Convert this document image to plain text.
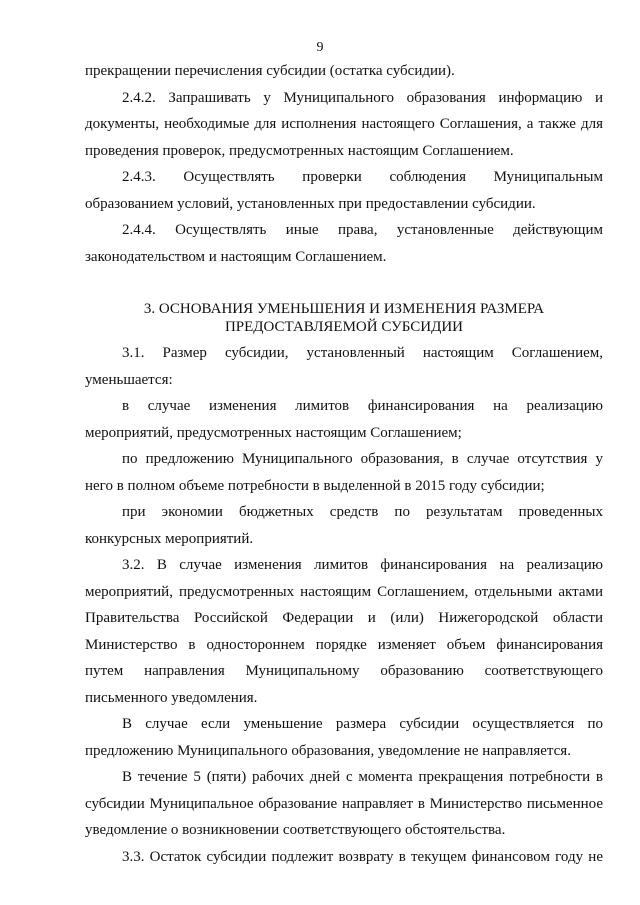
9

прекращении перечисления субсидии (остатка субсидии).

2.4.2. Запрашивать у Муниципального образования информацию и
документы, необходимые для исполнения настоящего Соглашения, а также для
проведения проверок, предусмотренных настоящим Соглашением.

2.4.3. Осуществлять проверки соблюдения Муниципальным
образованием условий, установленных при предоставлении субсидии.

2.4.4. Осуществлять иные права, установленные действующим
законодательством и настоящим Соглашением.

3. ОСНОВАНИЯ УМЕНЬШЕНИЯ И ИЗМЕНЕНИЯ РАЗМЕРА
ПРЕДОСТАВЛЯЕМОЙ СУБСИДИИ

3.1. Размер субсидии, установленный настоящим Соглашением,
уменьшается:

в случае изменения лимитов финансирования на реализацию
мероприятий, предусмотренных настоящим Соглашением;

по предложению Муниципального образования, в случае отсутствия у
него в полном объеме потребности в выделенной в 2015 году субсидии;

при экономии бюджетных средств по результатам проведенных
конкурсных мероприятий.

3.2. В случае изменения лимитов финансирования на реализацию
мероприятий, предусмотренных настоящим Соглашением, отдельными актами
Правительства Российской Федерации и (или) Нижегородской области
Министерство в одностороннем порядке изменяет объем финансирования
путем направления Муниципальному образованию соответствующего
письменного уведомления.

В случае если уменьшение размера субсидии осуществляется по
предложению Муниципального образования, уведомление не направляется.

В течение 5 (пяти) рабочих дней с момента прекращения потребности в
субсидии Муниципальное образование направляет в Министерство письменное
уведомление о возникновении соответствующего обстоятельства.

3.3. Остаток субсидии подлежит возврату в текущем финансовом году не
